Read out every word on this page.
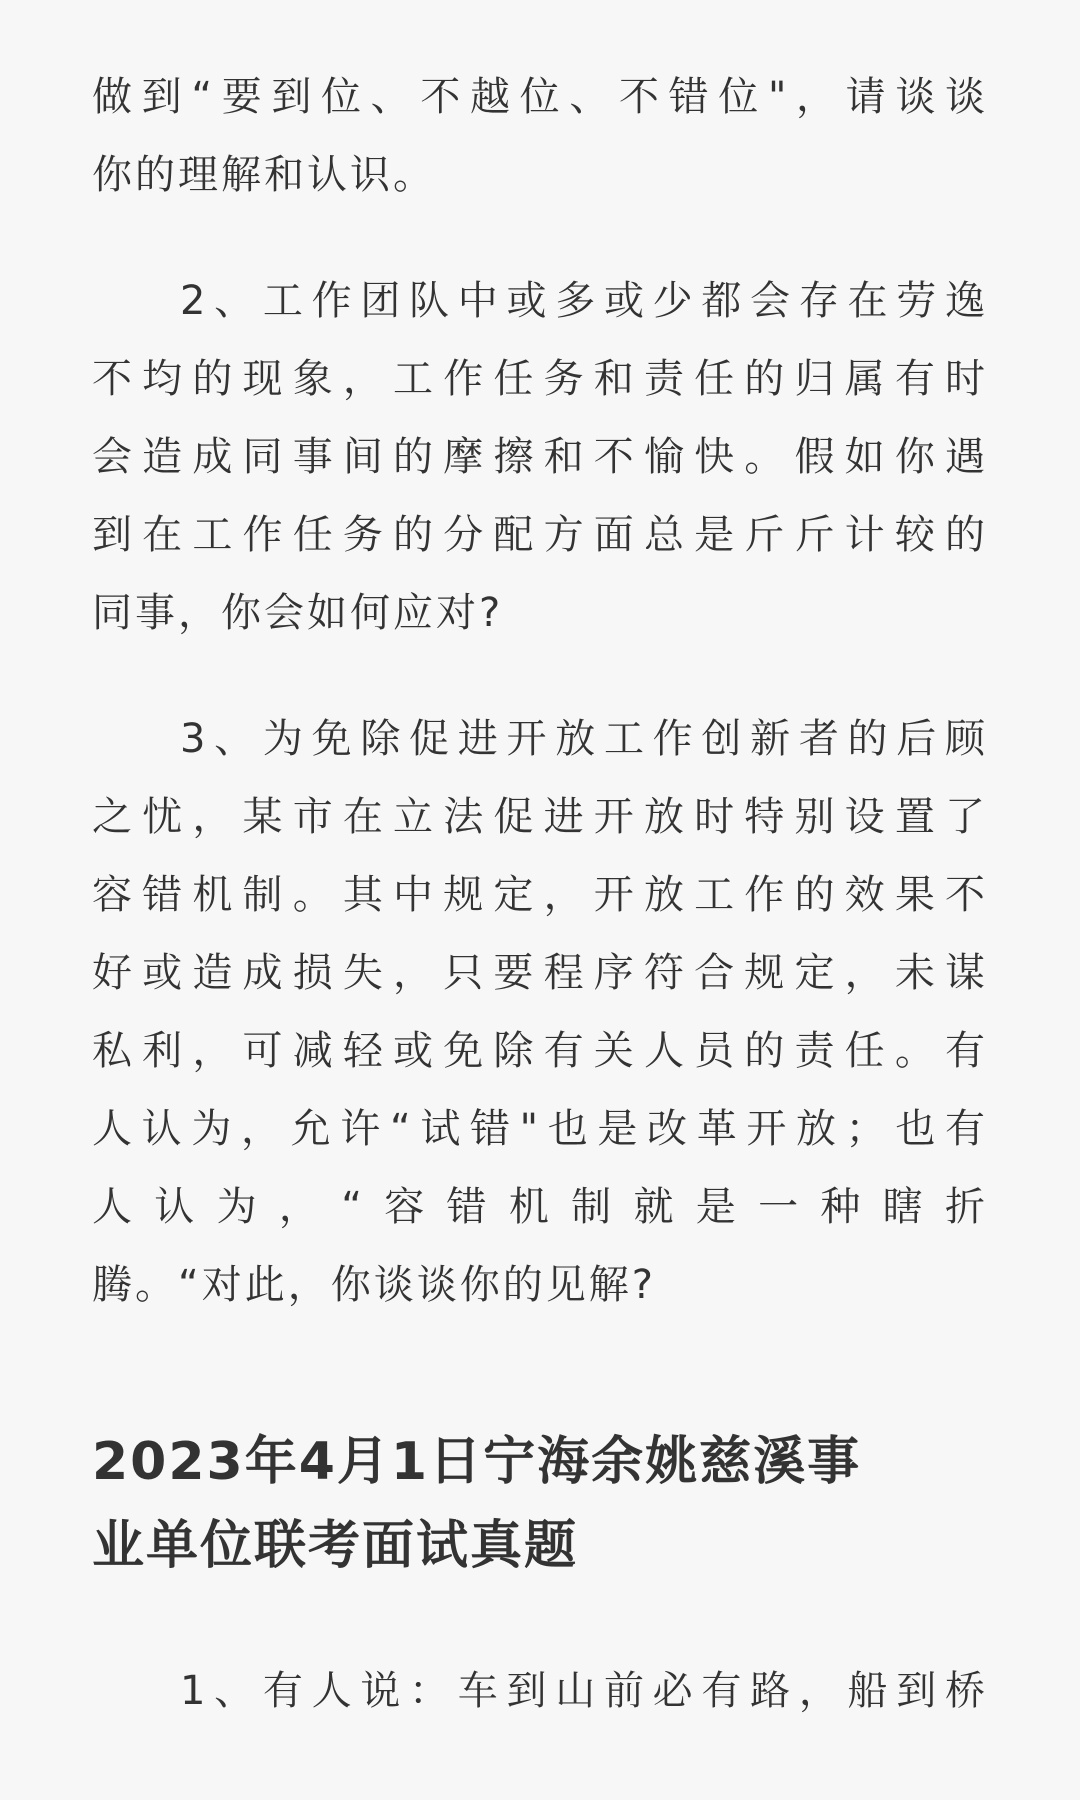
做到“要到位、不越位、不错位"，请谈谈
你的理解和认识。
2、工作团队中或多或少都会存在劳逸
不均的现象，工作任务和责任的归属有时
会造成同事间的摩擦和不愉快。假如你遇
到在工作任务的分配方面总是斤斤计较的
同事，你会如何应对?
3、为免除促进开放工作创新者的后顾
之忧，某市在立法促进开放时特别设置了
容错机制。其中规定，开放工作的效果不
好或造成损失，只要程序符合规定，未谋
私利，可减轻或免除有关人员的责任。有
人认为，允许“试错"也是改革开放；也有
人认为，“容错机制就是一种瞎折
腾。“对此，你谈谈你的见解?
2023年4月1日宁海余姚慈溪事
业单位联考面试真题
1、有人说：车到山前必有路，船到桥
